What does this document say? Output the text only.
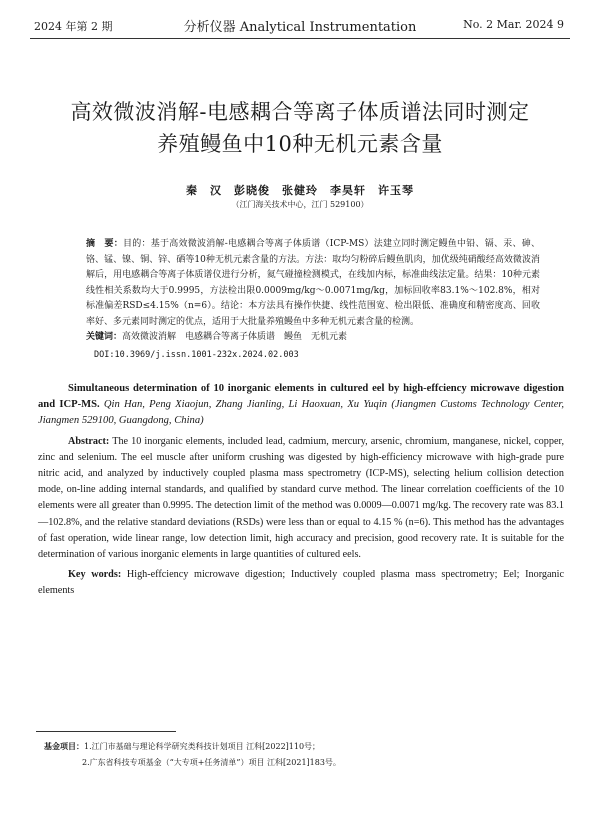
2024 年第 2 期	分析仪器 Analytical Instrumentation	No. 2 Mar. 2024 9
高效微波消解-电感耦合等离子体质谱法同时测定
养殖鳗鱼中10种无机元素含量
秦　汉　彭晓俊　张健玲　李昊轩　许玉琴
（江门海关技术中心，江门 529100）

摘　要：目的：基于高效微波消解-电感耦合等离子体质谱（ICP-MS）法建立同时测定鳗鱼中铅、镉、汞、砷、铬、锰、镍、铜、锌、硒等10种无机元素含量的方法。方法：取均匀粉碎后鳗鱼肌肉，加优级纯硝酸经高效微波消解后，用电感耦合等离子体质谱仪进行分析，氦气碰撞检测模式，在线加内标，标准曲线法定量。结果：10种元素线性相关系数均大于0.9995，方法检出限0.0009mg/kg～0.0071mg/kg，加标回收率83.1%～102.8%，相对标准偏差RSD≤4.15%（n=6）。结论：本方法具有操作快捷、线性范围宽、检出限低、准确度和精密度高、回收率好、多元素同时测定的优点，适用于大批量养殖鳗鱼中多种无机元素含量的检测。

关键词：高效微波消解　电感耦合等离子体质谱　鳗鱼　无机元素

DOI:10.3969/j.issn.1001-232x.2024.02.003

Simultaneous determination of 10 inorganic elements in cultured eel by high-effciency microwave digestion and ICP-MS. Qin Han, Peng Xiaojun, Zhang Jianling, Li Haoxuan, Xu Yuqin (Jiangmen Customs Technology Center, Jiangmen 529100, Guangdong, China)

Abstract: The 10 inorganic elements, included lead, cadmium, mercury, arsenic, chromium, manganese, nickel, copper, zinc and selenium. The eel muscle after uniform crushing was digested by high-efficiency microwave with high-grade pure nitric acid, and analyzed by inductively coupled plasma mass spectrometry (ICP-MS), selecting helium collision detection mode, on-line adding internal standards, and qualified by standard curve method. The linear correlation coefficients of the 10 elements were all greater than 0.9995. The detection limit of the method was 0.0009—0.0071 mg/kg. The recovery rate was 83.1—102.8%, and the relative standard deviations (RSDs) were less than or equal to 4.15 % (n=6). This method has the advantages of fast operation, wide linear range, low detection limit, high accuracy and precision, good recovery rate. It is suitable for the determination of various inorganic elements in large quantities of cultured eels.

Key words: High-effciency microwave digestion; Inductively coupled plasma mass spectrometry; Eel; Inorganic elements

基金项目：1.江门市基础与理论科学研究类科技计划项目 江科[2022]110号；
2.广东省科技专项基金（“大专项+任务清单”）项目 江科[2021]183号。
